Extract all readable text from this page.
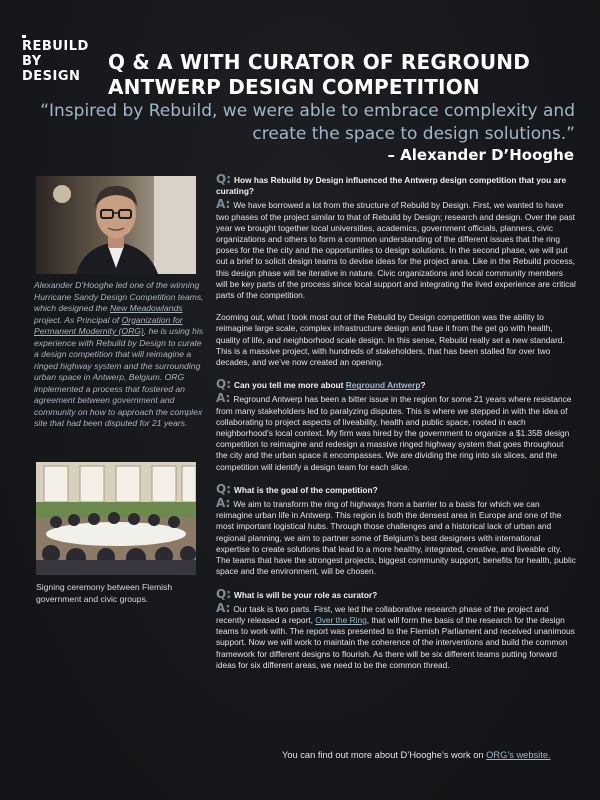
REBUILD
BY
DESIGN
Q & A WITH CURATOR OF REGROUND ANTWERP DESIGN COMPETITION
“Inspired by Rebuild, we were able to embrace complexity and create the space to design solutions.”
– Alexander D’Hooghe
Alexander D’Hooghe led one of the winning Hurricane Sandy Design Competition teams, which designed the New Meadowlands project. As Principal of Organization for Permanent Modernity (ORG), he is using his experience with Rebuild by Design to curate a design competition that will reimagine a ringed highway system and the surrounding urban space in Antwerp, Belgium. ORG implemented a process that fostered an agreement between government and community on how to approach the complex site that had been disputed for 21 years.
Signing ceremony between Flemish government and civic groups.

Q: How has Rebuild by Design influenced the Antwerp design competition that you are curating?

A: We have borrowed a lot from the structure of Rebuild by Design. First, we wanted to have two phases of the project similar to that of Rebuild by Design; research and design. Over the past year we brought together local universities, academics, government officials, planners, civic organizations and others to form a common understanding of the different issues that the ring poses for the the city and the opportunities to design solutions. In the second phase, we will put out a brief to solicit design teams to devise ideas for the project area. Like in the Rebuild process, this design phase will be iterative in nature. Civic organizations and local community members will be key parts of the process since local support and integrating the lived experience are critical parts of the competition.

Zooming out, what I took most out of the Rebuild by Design competition was the ability to reimagine large scale, complex infrastructure design and fuse it from the get go with health, quality of life, and neighborhood scale design. In this sense, Rebuild really set a new standard. This is a massive project, with hundreds of stakeholders, that has been stalled for over two decades, and we’ve now created an opening.

Q: Can you tell me more about Reground Antwerp?

A: Reground Antwerp has been a bitter issue in the region for some 21 years where resistance from many stakeholders led to paralyzing disputes. This is where we stepped in with the idea of collaborating to project aspects of liveability, health and public space, rooted in each neighborhood’s local context. My firm was hired by the government to organize a $1.35B design competition to reimagine and redesign a massive ringed highway system that goes throughout the city and the urban space it encompasses. We are dividing the ring into six slices, and the competition will identify a design team for each slice.

Q: What is the goal of the competition?

A: We aim to transform the ring of highways from a barrier to a basis for which we can reimagine urban life in Antwerp. This region is both the densest area in Europe and one of the most important logistical hubs. Through those challenges and a historical lack of urban and regional planning, we aim to partner some of Belgium’s best designers with international expertise to create solutions that lead to a more healthy, integrated, creative, and liveable city. The teams that have the strongest projects, biggest community support, benefits for health, public space and the environment, will be chosen.

Q: What is will be your role as curator?

A: Our task is two parts. First, we led the collaborative research phase of the project and recently released a report, Over the Ring, that will form the basis of the research for the design teams to work with. The report was presented to the Flemish Parliament and received unanimous support. Now we will work to maintain the coherence of the interventions and build the common framework for different designs to flourish. As there will be six different teams putting forward ideas for six different areas, we need to be the common thread.

You can find out more about D’Hooghe’s work on ORG’s website.
